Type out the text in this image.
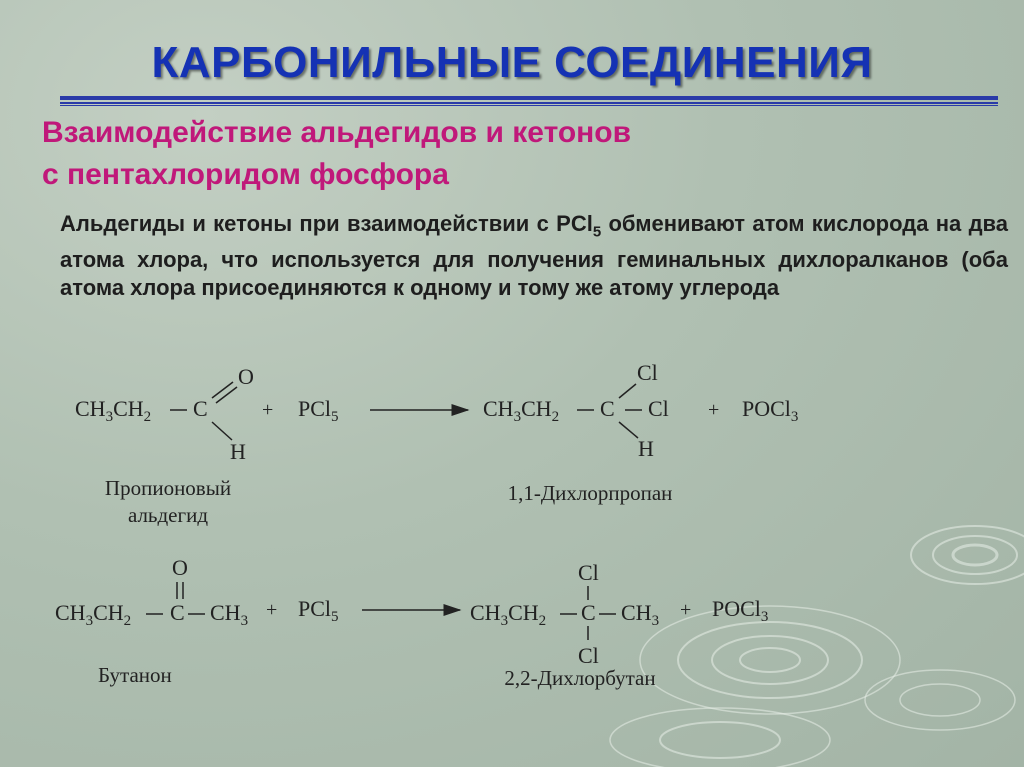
КАРБОНИЛЬНЫЕ СОЕДИНЕНИЯ
Взаимодействие альдегидов и кетонов
с пентахлоридом фосфора
Альдегиды и кетоны при взаимодействии с PCl$_5$ обменивают атом кислорода на два атома хлора, что используется для получения геминальных дихлоралканов (оба атома хлора присоединяются к одному и тому же атому углерода
$CH_3CH_2$ C
O
H
+ PCl$_5$	$CH_3CH_2$ C
Cl
Cl
H
+ POCl$_3$
Пропионовый
альдегид
1,1-Дихлорпропан
O
$CH_3CH_2$ C $CH_3 + PCl_5$
Cl
$CH_3CH_2$ C $CH_3$
Cl
+ POCl$_3$
Бутанон	2,2-Дихлорбутан
